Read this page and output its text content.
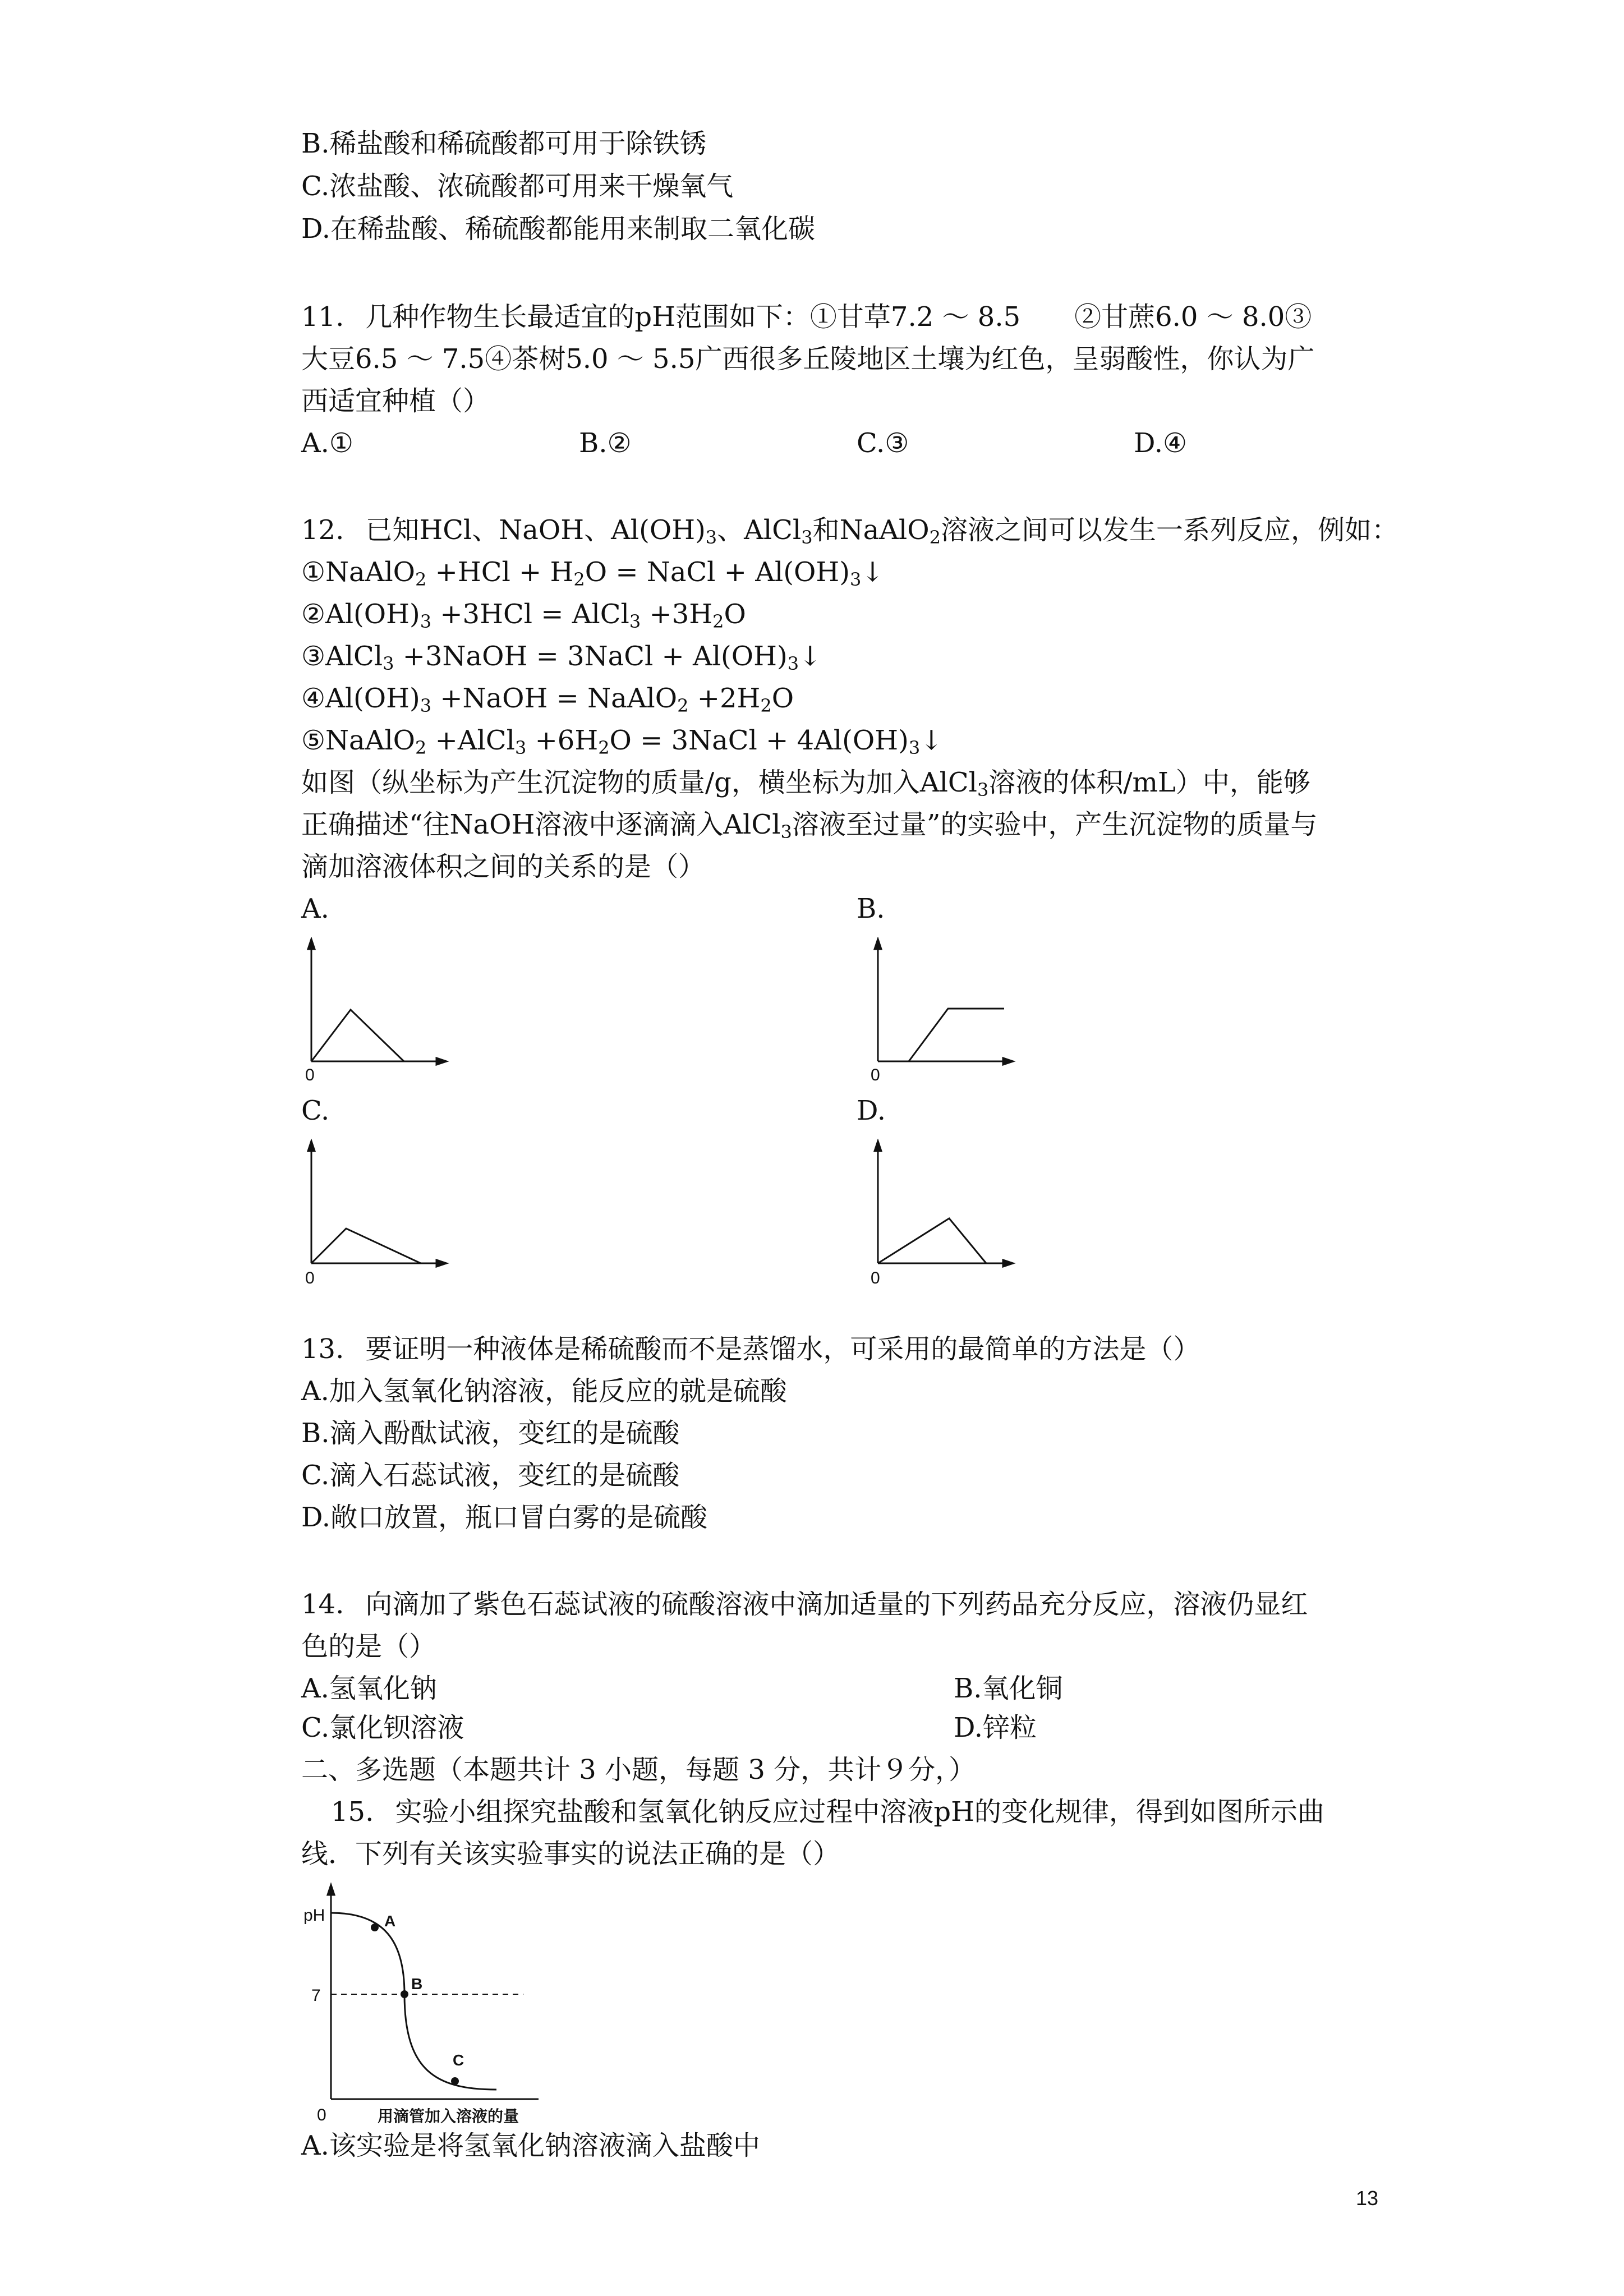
B.稀盐酸和稀硫酸都可用于除铁锈
C.浓盐酸、浓硫酸都可用来干燥氧气
D.在稀盐酸、稀硫酸都能用来制取二氧化碳
11. 几种作物生长最适宜的pH范围如下：①甘草7.2 ～ 8.5　　②甘蔗6.0 ～ 8.0③
大豆6.5 ～ 7.5④茶树5.0 ～ 5.5广西很多丘陵地区土壤为红色，呈弱酸性，你认为广
西适宜种植（）
A.①	B.②	C.③	D.④
12. 已知HCl、NaOH、$Al(OH)_3$、AlCl$_3$和NaAlO$_2$溶液之间可以发生一系列反应，例如：
①NaAlO$_2$ $+HCl + H_2O$ = NaCl + $Al(OH)_3↓$
$②Al(OH)_3 +3HCl$ = AlCl$_3$ $+3H_2O$
③AlCl$_3$ +3NaOH = 3NaCl + $Al(OH)_3↓$
$④Al(OH)_3$ +NaOH = NaAlO$_2$ $+2H_2O$
⑤NaAlO$_2$ +AlCl$_3$ $+6H_2O$ = 3NaCl + $4Al(OH)_3↓$
如图（纵坐标为产生沉淀物的质量/g，横坐标为加入AlCl$_3$溶液的体积/mL）中，能够
正确描述“往NaOH溶液中逐滴滴入AlCl$_3$溶液至过量”的实验中，产生沉淀物的质量与
滴加溶液体积之间的关系的是（）
A.	B.
C.	D.
0	0
0	0
13. 要证明一种液体是稀硫酸而不是蒸馏水，可采用的最简单的方法是（）
A.加入氢氧化钠溶液，能反应的就是硫酸
B.滴入酚酞试液，变红的是硫酸
C.滴入石蕊试液，变红的是硫酸
D.敞口放置，瓶口冒白雾的是硫酸
14. 向滴加了紫色石蕊试液的硫酸溶液中滴加适量的下列药品充分反应，溶液仍显红
色的是（）
A.氢氧化钠	B.氧化铜
C.氯化钡溶液	D.锌粒
二、多选题（本题共计 3 小题，每题 3 分，共计９分，）
15. 实验小组探究盐酸和氢氧化钠反应过程中溶液pH的变化规律，得到如图所示曲
线．下列有关该实验事实的说法正确的是（）
pH
7
0
A
B
C
用滴管加入溶液的量
A.该实验是将氢氧化钠溶液滴入盐酸中
13
